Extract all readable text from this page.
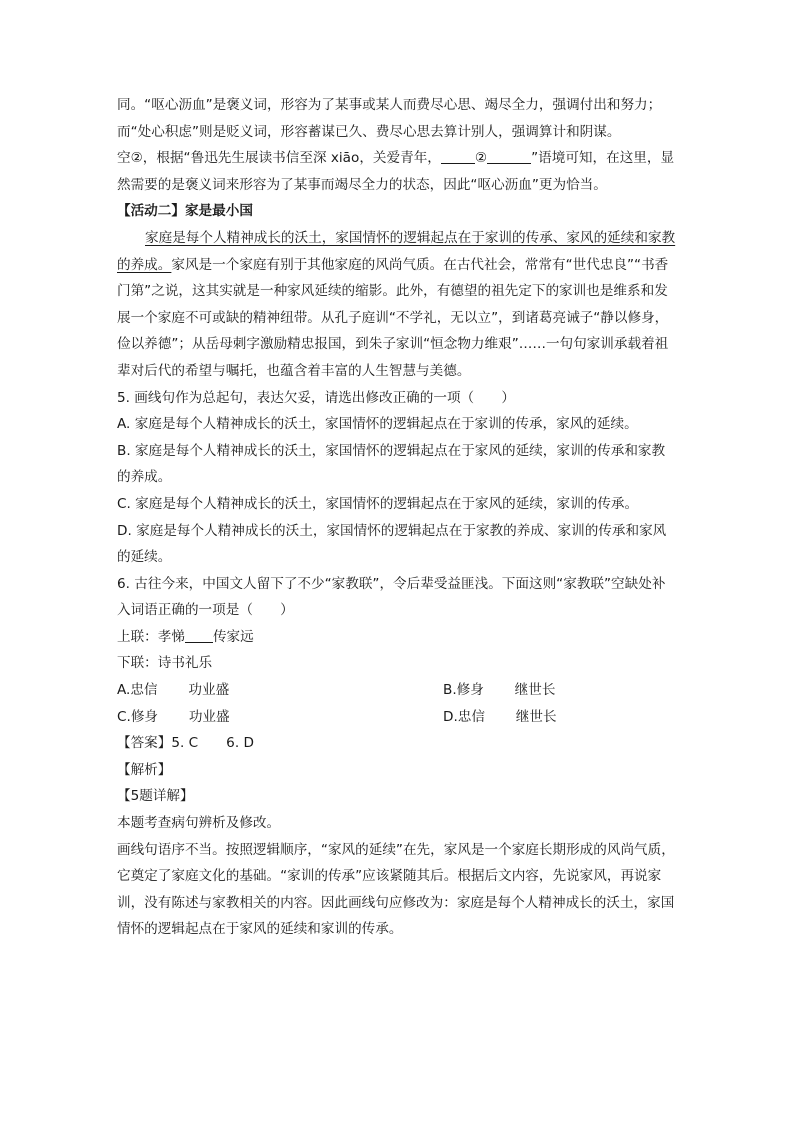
同。“呕心沥血”是褒义词，形容为了某事或某人而费尽心思、竭尽全力，强调付出和努力；而“处心积虑”则是贬义词，形容蓄谋已久、费尽心思去算计别人，强调算计和阴谋。

空②，根据“鲁迅先生展读书信至深 xiāo，关爱青年，	②	”语境可知，在这里，显然需要的是褒义词来形容为了某事而竭尽全力的状态，因此“呕心沥血”更为恰当。

【活动二】家是最小国

家庭是每个人精神成长的沃土，家国情怀的逻辑起点在于家训的传承、家风的延续和家教的养成。家风是一个家庭有别于其他家庭的风尚气质。在古代社会，常常有“世代忠良”“书香门第”之说，这其实就是一种家风延续的缩影。此外，有德望的祖先定下的家训也是维系和发展一个家庭不可或缺的精神纽带。从孔子庭训“不学礼，无以立”，到诸葛亮诫子“静以修身，俭以养德”；从岳母刺字激励精忠报国，到朱子家训“恒念物力维艰”……一句句家训承载着祖辈对后代的希望与嘱托，也蕴含着丰富的人生智慧与美德。

5. 画线句作为总起句，表达欠妥，请选出修改正确的一项（　　）

A. 家庭是每个人精神成长的沃土，家国情怀的逻辑起点在于家训的传承，家风的延续。

B. 家庭是每个人精神成长的沃土，家国情怀的逻辑起点在于家风的延续，家训的传承和家教的养成。

C. 家庭是每个人精神成长的沃土，家国情怀的逻辑起点在于家风的延续，家训的传承。

D. 家庭是每个人精神成长的沃土，家国情怀的逻辑起点在于家教的养成、家训的传承和家风的延续。

6. 古往今来，中国文人留下了不少“家教联”，令后辈受益匪浅。下面这则“家教联”空缺处补入词语正确的一项是（　　）

上联：孝悌 传家远

下联：诗书礼乐

A. 忠信	功业盛	B. 修身	继世长
C. 修身	功业盛	D. 忠信	继世长

【答案】5. C 6. D

【解析】

【5题详解】

本题考查病句辨析及修改。

画线句语序不当。按照逻辑顺序，“家风的延续”在先，家风是一个家庭长期形成的风尚气质，它奠定了家庭文化的基础。“家训的传承”应该紧随其后。根据后文内容，先说家风，再说家训，没有陈述与家教相关的内容。因此画线句应修改为：家庭是每个人精神成长的沃土，家国情怀的逻辑起点在于家风的延续和家训的传承。
